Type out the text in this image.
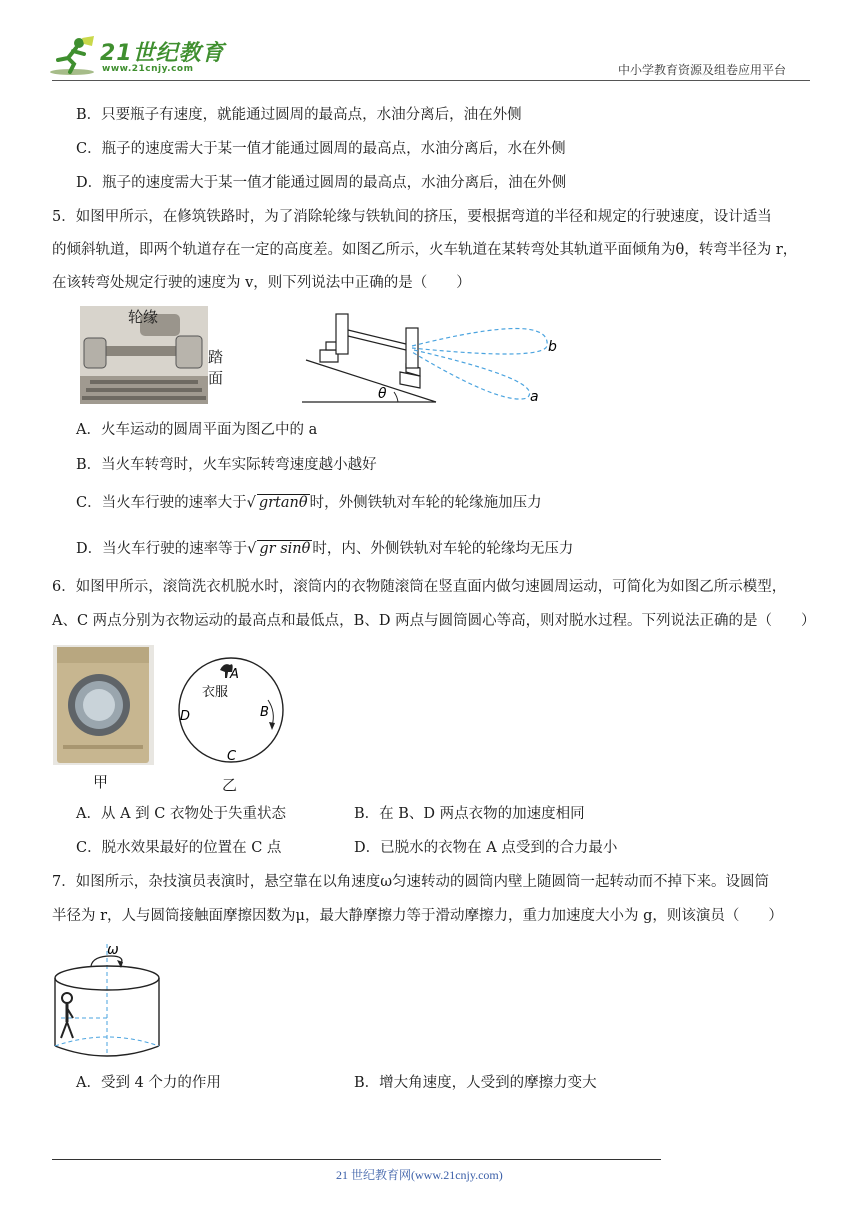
21世纪教育
www.21cnjy.com	中小学教育资源及组卷应用平台
B．只要瓶子有速度，就能通过圆周的最高点，水油分离后，油在外侧
C．瓶子的速度需大于某一值才能通过圆周的最高点，水油分离后，水在外侧
D．瓶子的速度需大于某一值才能通过圆周的最高点，水油分离后，油在外侧
5．如图甲所示，在修筑铁路时，为了消除轮缘与铁轨间的挤压，要根据弯道的半径和规定的行驶速度，设计适当
的倾斜轨道，即两个轨道存在一定的高度差。如图乙所示，火车轨道在某转弯处其轨道平面倾角为θ，转弯半径为 r，
在该转弯处规定行驶的速度为 v，则下列说法中正确的是（　　）
轮缘
踏面
θ
b
a
A．火车运动的圆周平面为图乙中的 a
B．当火车转弯时，火车实际转弯速度越小越好
C．当火车行驶的速率大于√ grtanθ 时，外侧铁轨对车轮的轮缘施加压力
D．当火车行驶的速率等于√ gr sinθ 时，内、外侧铁轨对车轮的轮缘均无压力
6．如图甲所示，滚筒洗衣机脱水时，滚筒内的衣物随滚筒在竖直面内做匀速圆周运动，可简化为如图乙所示模型，
A、C 两点分别为衣物运动的最高点和最低点，B、D 两点与圆筒圆心等高，则对脱水过程。下列说法正确的是（　　）
甲
A
衣服
D	B
C
乙
A．从 A 到 C 衣物处于失重状态	B．在 B、D 两点衣物的加速度相同
C．脱水效果最好的位置在 C 点	D．已脱水的衣物在 A 点受到的合力最小
7．如图所示，杂技演员表演时，悬空靠在以角速度ω匀速转动的圆筒内壁上随圆筒一起转动而不掉下来。设圆筒
半径为 r，人与圆筒接触面摩擦因数为μ，最大静摩擦力等于滑动摩擦力，重力加速度大小为 g，则该演员（　　）
ω
A．受到 4 个力的作用	B．增大角速度，人受到的摩擦力变大
21 世纪教育网(www.21cnjy.com)
